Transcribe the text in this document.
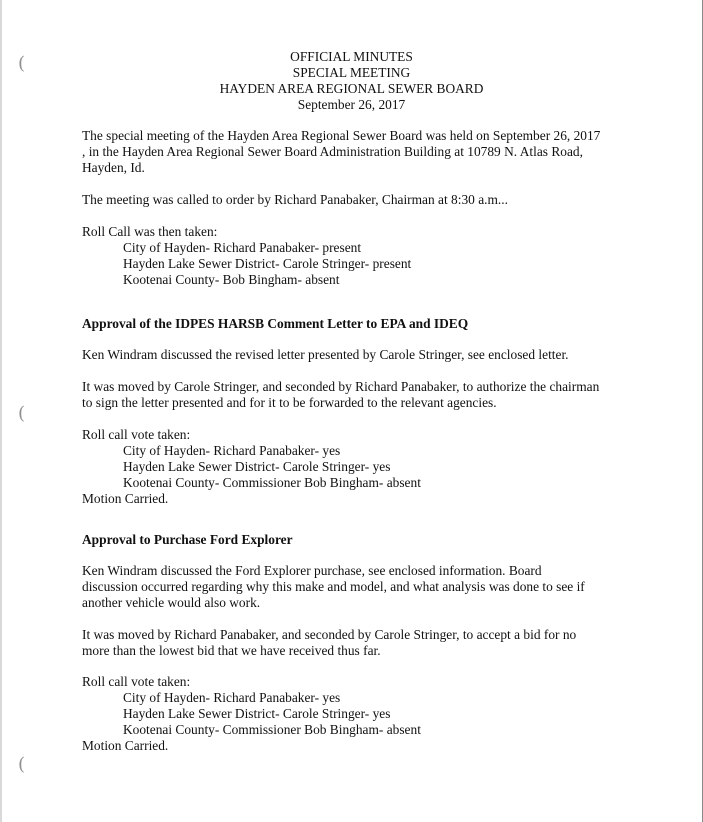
(
(
(
OFFICIAL MINUTES
SPECIAL MEETING
HAYDEN AREA REGIONAL SEWER BOARD
September 26, 2017
The special meeting of the Hayden Area Regional Sewer Board was held on September 26, 2017
, in the Hayden Area Regional Sewer Board Administration Building at 10789 N. Atlas Road,
Hayden, Id.
The meeting was called to order by Richard Panabaker, Chairman at 8:30 a.m...
Roll Call was then taken:
City of Hayden- Richard Panabaker- present
Hayden Lake Sewer District- Carole Stringer- present
Kootenai County- Bob Bingham- absent
Approval of the IDPES HARSB Comment Letter to EPA and IDEQ
Ken Windram discussed the revised letter presented by Carole Stringer, see enclosed letter.
It was moved by Carole Stringer, and seconded by Richard Panabaker, to authorize the chairman
to sign the letter presented and for it to be forwarded to the relevant agencies.
Roll call vote taken:
City of Hayden- Richard Panabaker- yes
Hayden Lake Sewer District- Carole Stringer- yes
Kootenai County- Commissioner Bob Bingham- absent
Motion Carried.
Approval to Purchase Ford Explorer
Ken Windram discussed the Ford Explorer purchase, see enclosed information. Board
discussion occurred regarding why this make and model, and what analysis was done to see if
another vehicle would also work.
It was moved by Richard Panabaker, and seconded by Carole Stringer, to accept a bid for no
more than the lowest bid that we have received thus far.
Roll call vote taken:
City of Hayden- Richard Panabaker- yes
Hayden Lake Sewer District- Carole Stringer- yes
Kootenai County- Commissioner Bob Bingham- absent
Motion Carried.
